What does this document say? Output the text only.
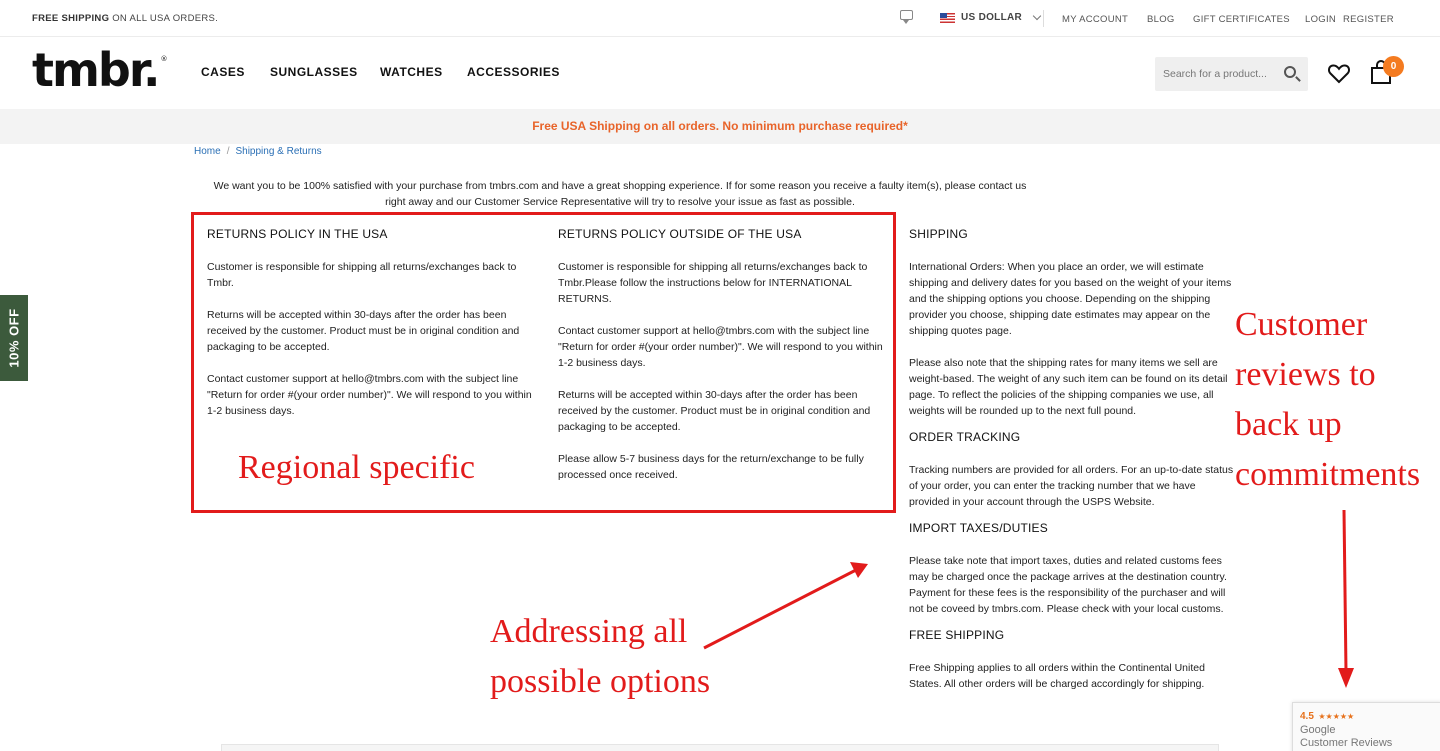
FREE SHIPPING ON ALL USA ORDERS.	US DOLLAR	MY ACCOUNT BLOG GIFT CERTIFICATES LOGIN REGISTER
tmbr. ®
CASES SUNGLASSES WATCHES ACCESSORIES
Search for a product...	0
Free USA Shipping on all orders. No minimum purchase required*
Home / Shipping & Returns
We want you to be 100% satisfied with your purchase from tmbrs.com and have a great shopping experience. If for some reason you receive a faulty item(s), please contact us right away and our Customer Service Representative will try to resolve your issue as fast as possible.
RETURNS POLICY IN THE USA

Customer is responsible for shipping all returns/exchanges back to Tmbr.

Returns will be accepted within 30-days after the order has been received by the customer. Product must be in original condition and packaging to be accepted.

Contact customer support at hello@tmbrs.com with the subject line "Return for order #(your order number)". We will respond to you within 1-2 business days.

RETURNS POLICY OUTSIDE OF THE USA

Customer is responsible for shipping all returns/exchanges back to Tmbr.Please follow the instructions below for INTERNATIONAL RETURNS.

Contact customer support at hello@tmbrs.com with the subject line "Return for order #(your order number)". We will respond to you within 1-2 business days.

Returns will be accepted within 30-days after the order has been received by the customer. Product must be in original condition and packaging to be accepted.

Please allow 5-7 business days for the return/exchange to be fully processed once received.

SHIPPING

International Orders: When you place an order, we will estimate shipping and delivery dates for you based on the weight of your items and the shipping options you choose. Depending on the shipping provider you choose, shipping date estimates may appear on the shipping quotes page.

Please also note that the shipping rates for many items we sell are weight-based. The weight of any such item can be found on its detail page. To reflect the policies of the shipping companies we use, all weights will be rounded up to the next full pound.

ORDER TRACKING

Tracking numbers are provided for all orders. For an up-to-date status of your order, you can enter the tracking number that we have provided in your account through the USPS Website.

IMPORT TAXES/DUTIES

Please take note that import taxes, duties and related customs fees may be charged once the package arrives at the destination country. Payment for these fees is the responsibility of the purchaser and will not be coveed by tmbrs.com. Please check with your local customs.

FREE SHIPPING

Free Shipping applies to all orders within the Continental United States. All other orders will be charged accordingly for shipping.

Regional specific
Addressing all
possible options
Customer
reviews to
back up
commitments
10% OFF
4.5 ★★★★★
Google
Customer Reviews
